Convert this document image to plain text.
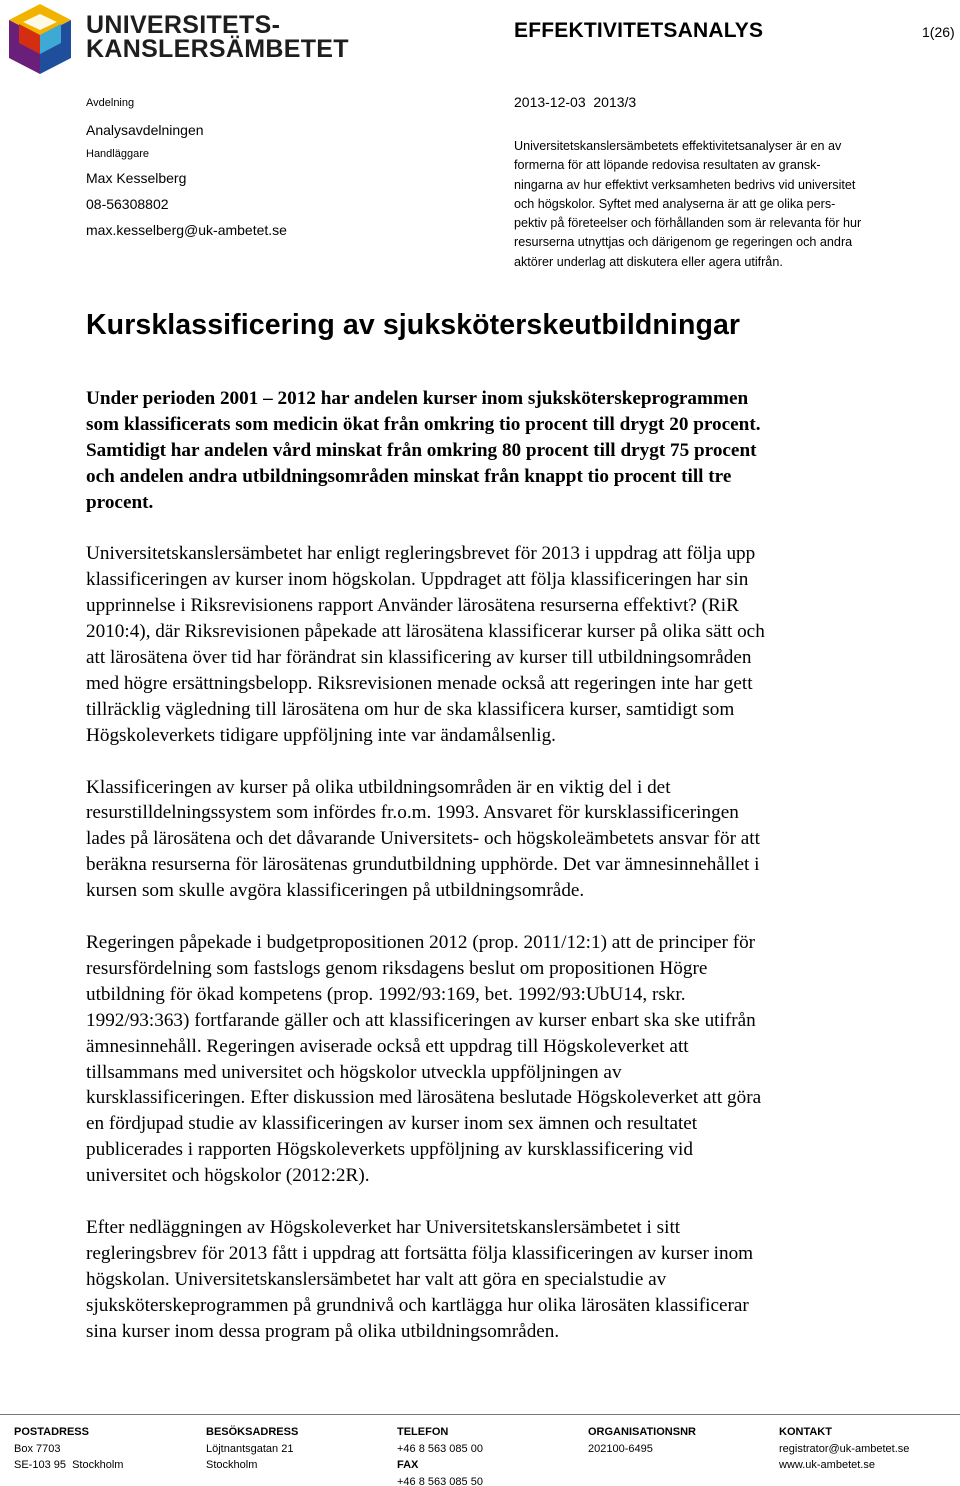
UNIVERSITETS-
KANSLERSÄMBETET
EFFEKTIVITETSANALYS	1(26)
Avdelning
Analysavdelningen
Handläggare
Max Kesselberg
08-56308802
max.kesselberg@uk-ambetet.se
2013-12-03  2013/3
Universitetskanslersämbetets effektivitetsanalyser är en av
formerna för att löpande redovisa resultaten av gransk-
ningarna av hur effektivt verksamheten bedrivs vid universitet
och högskolor. Syftet med analyserna är att ge olika pers-
pektiv på företeelser och förhållanden som är relevanta för hur
resurserna utnyttjas och därigenom ge regeringen och andra
aktörer underlag att diskutera eller agera utifrån.
Kursklassificering av sjuksköterskeutbildningar

Under perioden 2001 – 2012 har andelen kurser inom sjuksköterskeprogrammen
som klassificerats som medicin ökat från omkring tio procent till drygt 20 procent.
Samtidigt har andelen vård minskat från omkring 80 procent till drygt 75 procent
och andelen andra utbildningsområden minskat från knappt tio procent till tre
procent.

Universitetskanslersämbetet har enligt regleringsbrevet för 2013 i uppdrag att följa upp
klassificeringen av kurser inom högskolan. Uppdraget att följa klassificeringen har sin
upprinnelse i Riksrevisionens rapport Använder lärosätena resurserna effektivt? (RiR
2010:4), där Riksrevisionen påpekade att lärosätena klassificerar kurser på olika sätt och
att lärosätena över tid har förändrat sin klassificering av kurser till utbildningsområden
med högre ersättningsbelopp. Riksrevisionen menade också att regeringen inte har gett
tillräcklig vägledning till lärosätena om hur de ska klassificera kurser, samtidigt som
Högskoleverkets tidigare uppföljning inte var ändamålsenlig.

Klassificeringen av kurser på olika utbildningsområden är en viktig del i det
resurstilldelningssystem som infördes fr.o.m. 1993. Ansvaret för kursklassificeringen
lades på lärosätena och det dåvarande Universitets- och högskoleämbetets ansvar för att
beräkna resurserna för lärosätenas grundutbildning upphörde. Det var ämnesinnehållet i
kursen som skulle avgöra klassificeringen på utbildningsområde.

Regeringen påpekade i budgetpropositionen 2012 (prop. 2011/12:1) att de principer för
resursfördelning som fastslogs genom riksdagens beslut om propositionen Högre
utbildning för ökad kompetens (prop. 1992/93:169, bet. 1992/93:UbU14, rskr.
1992/93:363) fortfarande gäller och att klassificeringen av kurser enbart ska ske utifrån
ämnesinnehåll. Regeringen aviserade också ett uppdrag till Högskoleverket att
tillsammans med universitet och högskolor utveckla uppföljningen av
kursklassificeringen. Efter diskussion med lärosätena beslutade Högskoleverket att göra
en fördjupad studie av klassificeringen av kurser inom sex ämnen och resultatet
publicerades i rapporten Högskoleverkets uppföljning av kursklassificering vid
universitet och högskolor (2012:2R).

Efter nedläggningen av Högskoleverket har Universitetskanslersämbetet i sitt
regleringsbrev för 2013 fått i uppdrag att fortsätta följa klassificeringen av kurser inom
högskolan. Universitetskanslersämbetet har valt att göra en specialstudie av
sjuksköterskeprogrammen på grundnivå och kartlägga hur olika lärosäten klassificerar
sina kurser inom dessa program på olika utbildningsområden.

POSTADRESS
Box 7703
SE-103 95  Stockholm
BESÖKSADRESS
Löjtnantsgatan 21
Stockholm
TELEFON
+46 8 563 085 00
FAX
+46 8 563 085 50
ORGANISATIONSNR
202100-6495
KONTAKT
registrator@uk-ambetet.se
www.uk-ambetet.se
